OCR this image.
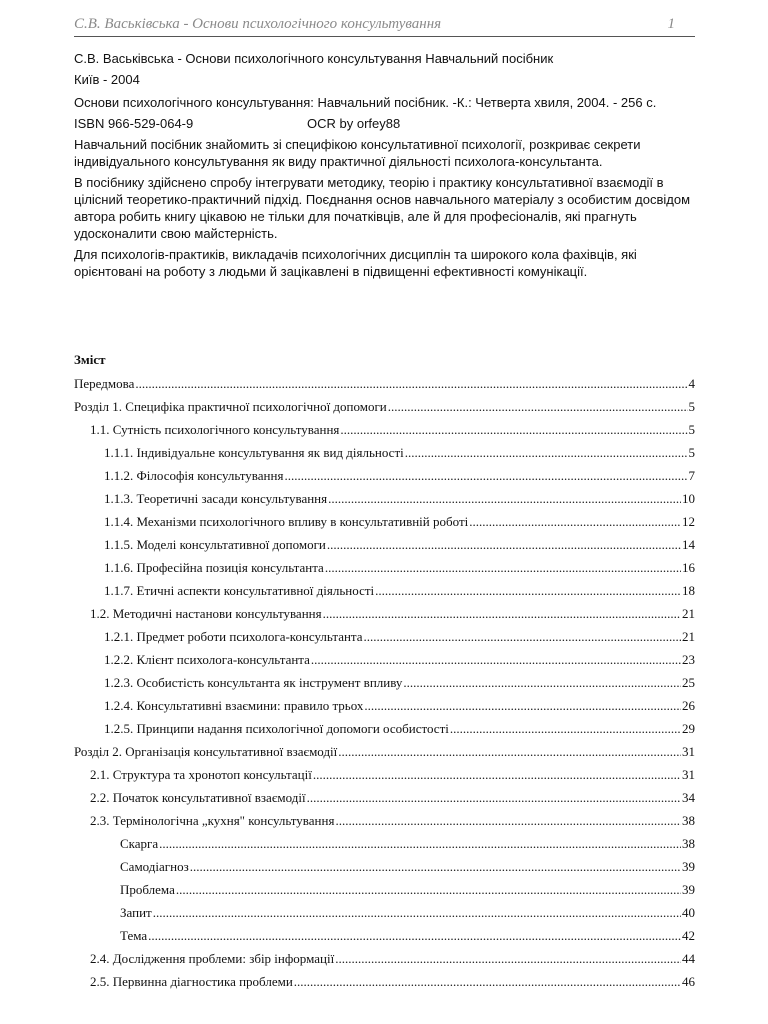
С.В. Васьківська - Основи психологічного консультування	1

С.В. Васьківська - Основи психологічного консультування Навчальний посібник

Київ - 2004

Основи психологічного консультування: Навчальний посібник. -К.: Четверта хвиля, 2004. - 256 с.

ISBN 966-529-064-9	OCR by orfey88

Навчальний посібник знайомить зі специфікою консультативної психології, розкриває секрети індивідуального консультування як виду практичної діяльності психолога-консультанта.

В посібнику здійснено спробу інтегрувати методику, теорію і практику консультативної взаємодії в цілісний теоретико-практичний підхід. Поєднання основ навчального матеріалу з особистим досвідом автора робить книгу цікавою не тільки для початківців, але й для професіоналів, які прагнуть удосконалити свою майстерність.

Для психологів-практиків, викладачів психологічних дисциплін та широкого кола фахівців, які орієнтовані на роботу з людьми й зацікавлені в підвищенні ефективності комунікації.

Зміст
Передмова .....	4
Розділ 1. Специфіка практичної психологічної допомоги .....	5
1.1. Сутність психологічного консультування .....	5
1.1.1. Індивідуальне консультування як вид діяльності .....	5
1.1.2. Філософія консультування .....	7
1.1.3. Теоретичні засади консультування .....	10
1.1.4. Механізми психологічного впливу в консультативній роботі .....	12
1.1.5. Моделі консультативної допомоги .....	14
1.1.6. Професійна позиція консультанта .....	16
1.1.7. Етичні аспекти консультативної діяльності .....	18
1.2. Методичні настанови консультування .....	21
1.2.1. Предмет роботи психолога-консультанта .....	21
1.2.2. Клієнт психолога-консультанта .....	23
1.2.3. Особистість консультанта як інструмент впливу .....	25
1.2.4. Консультативні взаємини: правило трьох .....	26
1.2.5. Принципи надання психологічної допомоги особистості .....	29
Розділ 2. Організація консультативної взаємодії .....	31
2.1. Структура та хронотоп консультації .....	31
2.2. Початок консультативної взаємодії .....	34
2.3. Термінологічна „кухня" консультування .....	38
Скарга .....	38
Самодіагноз .....	39
Проблема .....	39
Запит .....	40
Тема .....	42
2.4. Дослідження проблеми: збір інформації .....	44
2.5. Первинна діагностика проблеми .....	46
